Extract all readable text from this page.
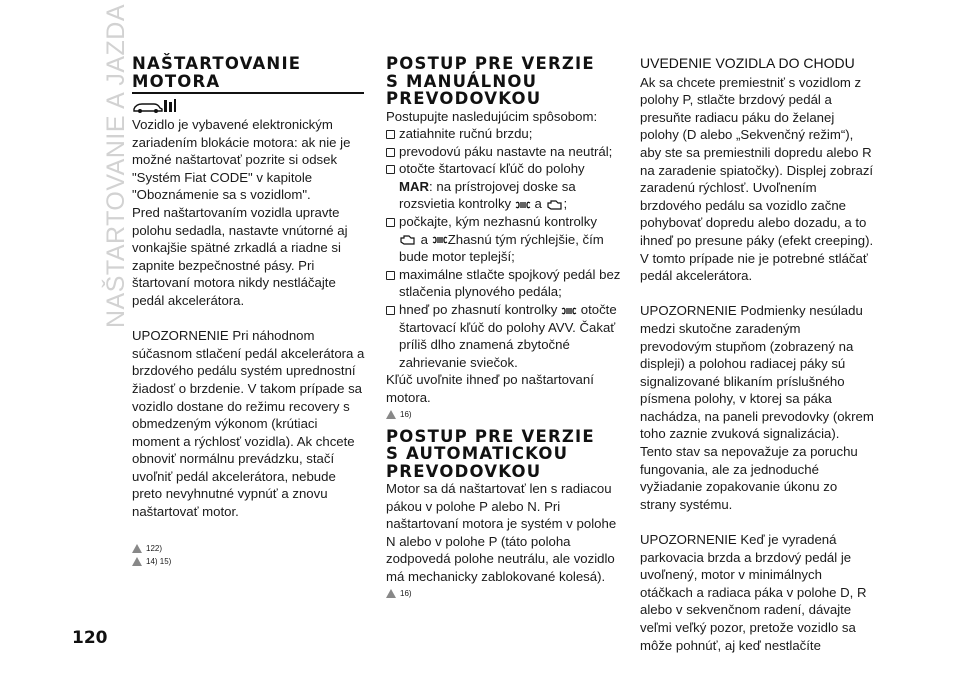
NAŠTARTOVANIE A JAZDA NAŠTARTOVANIE
MOTORA

Vozidlo je vybavené elektronickým zariadením blokácie motora: ak nie je možné naštartovať pozrite si odsek "Systém Fiat CODE" v kapitole "Oboznámenie sa s vozidlom".

Pred naštartovaním vozidla upravte polohu sedadla, nastavte vnútorné aj vonkajšie spätné zrkadlá a riadne si zapnite bezpečnostné pásy. Pri štartovaní motora nikdy nestláčajte pedál akcelerátora.

UPOZORNENIE Pri náhodnom súčasnom stlačení pedál akcelerátora a brzdového pedálu systém uprednostní žiadosť o brzdenie. V takom prípade sa vozidlo dostane do režimu recovery s obmedzeným výkonom (krútiaci moment a rýchlosť vozidla). Ak chcete obnoviť normálnu prevádzku, stačí uvoľniť pedál akcelerátora, nebude preto nevyhnutné vypnúť a znovu naštartovať motor.

122)
14) 15)
POSTUP PRE VERZIE
S MANUÁLNOU
PREVODOVKOU

Postupujte nasledujúcim spôsobom:

zatiahnite ručnú brzdu;

prevodovú páku nastavte na neutrál;

otočte štartovací kľúč do polohy MAR: na prístrojovej doske sa rozsvietia kontrolky a ;

počkajte, kým nezhasnú kontrolky
a Zhasnú tým rýchlejšie, čím bude motor teplejší;

maximálne stlačte spojkový pedál bez stlačenia plynového pedála;

hneď po zhasnutí kontrolky otočte štartovací kľúč do polohy AVV. Čakať príliš dlho znamená zbytočné zahrievanie sviečok.

Kľúč uvoľnite ihneď po naštartovaní motora.

16)
POSTUP PRE VERZIE
S AUTOMATICKOU
PREVODOVKOU

Motor sa dá naštartovať len s radiacou pákou v polohe P alebo N. Pri naštartovaní motora je systém v polohe N alebo v polohe P (táto poloha zodpovedá polohe neutrálu, ale vozidlo má mechanicky zablokované kolesá).

16)
UVEDENIE VOZIDLA DO CHODU

Ak sa chcete premiestniť s vozidlom z polohy P, stlačte brzdový pedál a presuňte radiacu páku do želanej polohy (D alebo „Sekvenčný režim“), aby ste sa premiestnili dopredu alebo R na zaradenie spiatočky). Displej zobrazí zaradenú rýchlosť. Uvoľnením brzdového pedálu sa vozidlo začne pohybovať dopredu alebo dozadu, a to ihneď po presune páky (efekt creeping). V tomto prípade nie je potrebné stláčať pedál akcelerátora.

UPOZORNENIE Podmienky nesúladu medzi skutočne zaradeným prevodovým stupňom (zobrazený na displeji) a polohou radiacej páky sú signalizované blikaním príslušného písmena polohy, v ktorej sa páka nachádza, na paneli prevodovky (okrem toho zaznie zvuková signalizácia). Tento stav sa nepovažuje za poruchu fungovania, ale za jednoduché vyžiadanie zopakovanie úkonu zo strany systému.

UPOZORNENIE Keď je vyradená parkovacia brzda a brzdový pedál je uvoľnený, motor v minimálnych otáčkach a radiaca páka v polohe D, R alebo v sekvenčnom radení, dávajte veľmi veľký pozor, pretože vozidlo sa môže pohnúť, aj keď nestlačíte

120
